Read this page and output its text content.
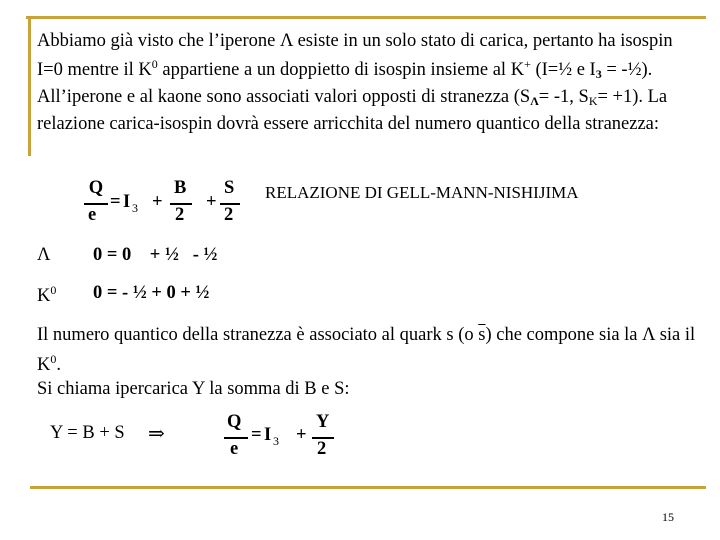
Abbiamo già visto che l’iperone Λ esiste in un solo stato di carica, pertanto ha isospin I=0 mentre il $K^0$ appartiene a un doppietto di isospin insieme al K+ (I=½ e $I_3$ = -½). All’iperone e al kaone sono associati valori opposti di stranezza ($S_\Lambda= -1$, $S_K= +1$). La relazione carica-isospin dovrà essere arricchita del numero quantico della stranezza:
Q
e
= I 3 +
B
2
+
S
2
RELAZIONE DI GELL-MANN-NISHIJIMA
Λ 0 = 0    + ½   - ½
$K^0$ 0 = - ½ + 0 + ½
Il numero quantico della stranezza è associato al quark s (o $\overline{s}$) che compone sia la Λ sia il $K^0$.
Si chiama ipercarica Y la somma di B e S:
Y = B + S ⇒
Q
e
= I 3 +
Y
2
15
